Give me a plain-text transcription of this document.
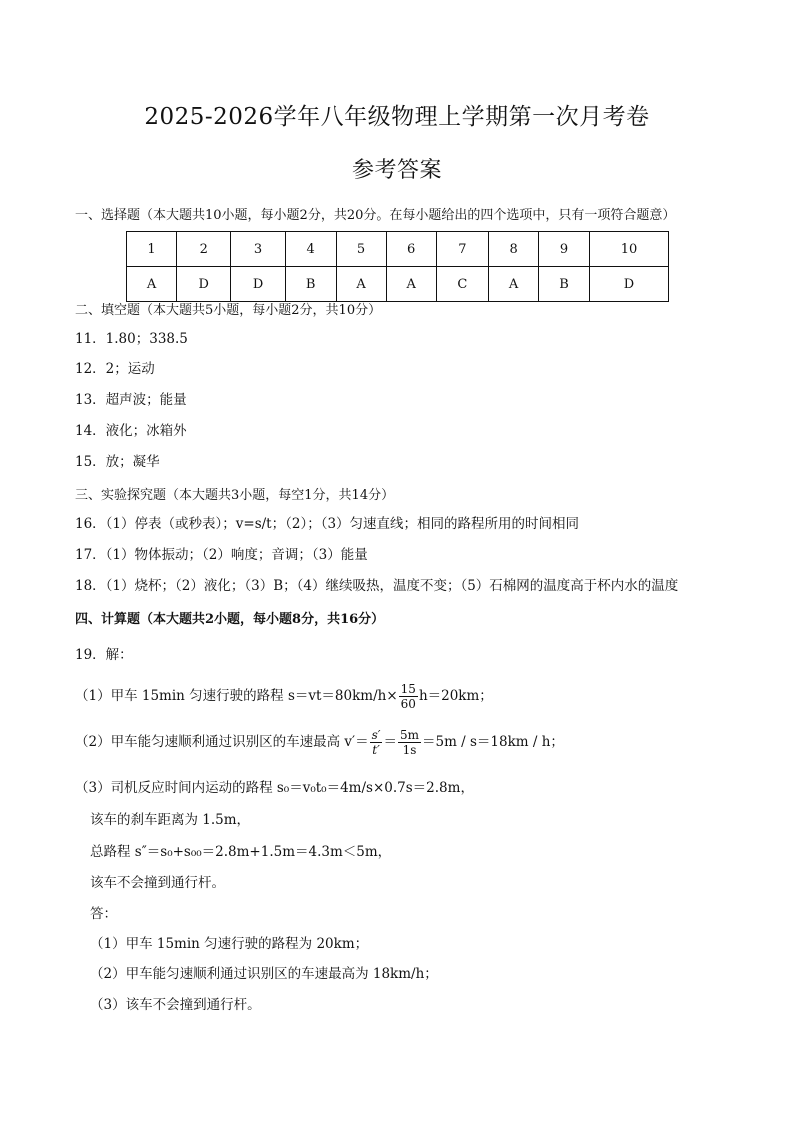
2025-2026学年八年级物理上学期第一次月考卷
参考答案
一、选择题（本大题共10小题，每小题2分，共20分。在每小题给出的四个选项中，只有一项符合题意）
1	2	3	4	5	6	7	8	9	10
A	D	D	B	A	A	C	A	B	D
二、填空题（本大题共5小题，每小题2分，共10分）
11．1.80；338.5
12．2；运动
13．超声波；能量
14．液化；冰箱外
15．放；凝华
三、实验探究题（本大题共3小题，每空1分，共14分）
16．（1）停表（或秒表）；v=s/t；（2）；（3）匀速直线；相同的路程所用的时间相同
17．（1）物体振动；（2）响度；音调；（3）能量
18．（1）烧杯；（2）液化；（3）B；（4）继续吸热，温度不变；（5）石棉网的温度高于杯内水的温度
四、计算题（本大题共2小题，每小题8分，共16分）
19．解：
（1）甲车 15min 匀速行驶的路程 $s=vt=80km/h\times \frac{15}{60} h=20km$；
（2）甲车能匀速顺利通过识别区的车速最高 $v'= \frac{s'}{t'} = \frac{5m}{1s} =5m / s=18km / h$；
（3）司机反应时间内运动的路程 s₀＝v₀t₀＝4m/s×0.7s＝2.8m，
该车的刹车距离为 1.5m，
总路程 s″＝s₀+s₀₀＝2.8m+1.5m＝4.3m＜5m，
该车不会撞到通行杆。
答：
（1）甲车 15min 匀速行驶的路程为 20km；
（2）甲车能匀速顺利通过识别区的车速最高为 18km/h；
（3）该车不会撞到通行杆。
